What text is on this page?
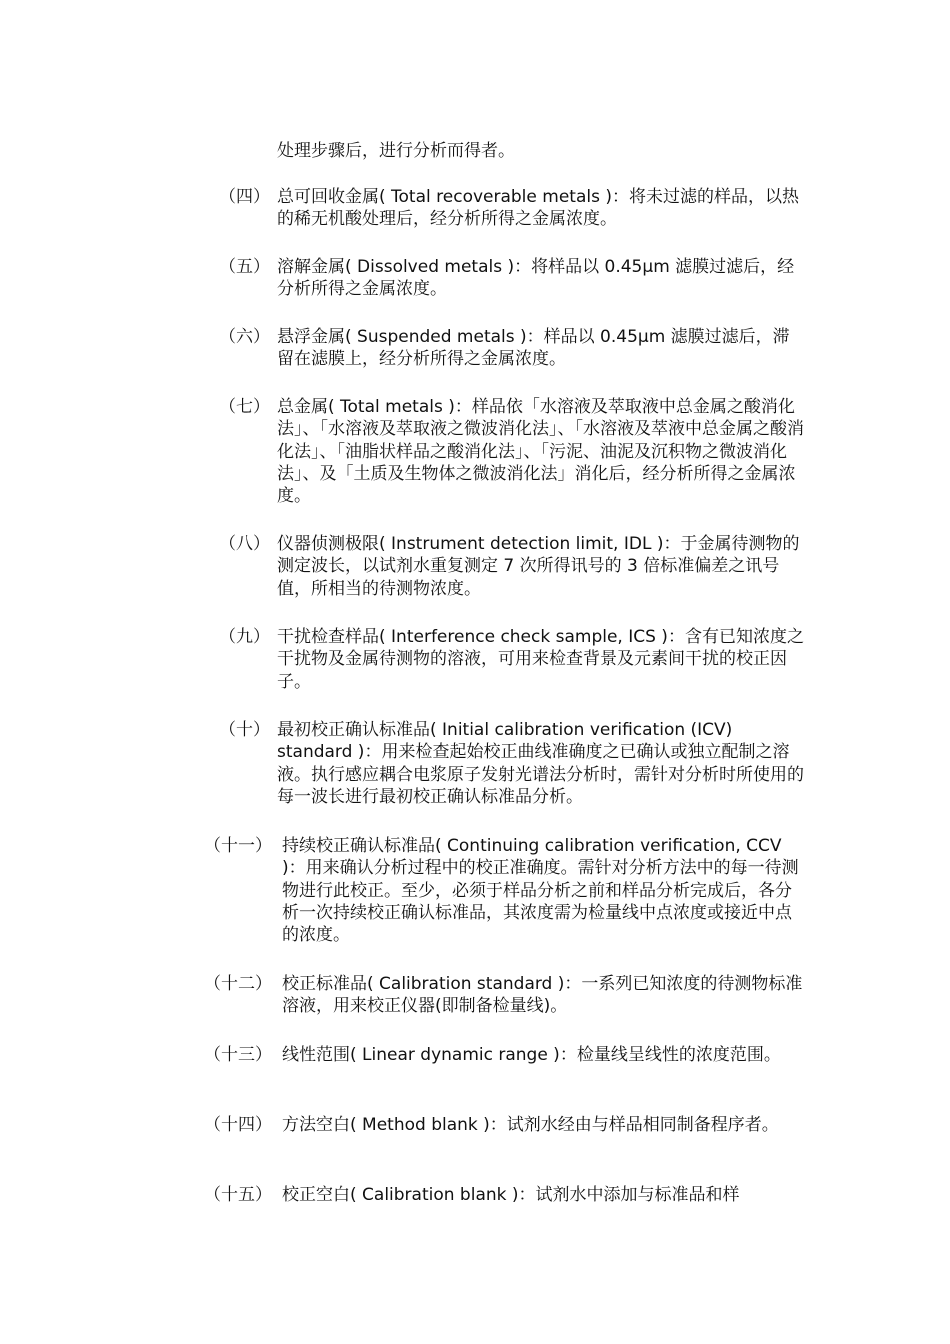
处理步骤后，进行分析而得者。

（四） 总可回收金属( Total recoverable metals )：将未过滤的样品，以热的稀无机酸处理后，经分析所得之金属浓度。

（五） 溶解金属( Dissolved metals )：将样品以 0.45μm 滤膜过滤后，经分析所得之金属浓度。

（六） 悬浮金属( Suspended metals )：样品以 0.45μm 滤膜过滤后，滞留在滤膜上，经分析所得之金属浓度。

（七） 总金属( Total metals )：样品依「水溶液及萃取液中总金属之酸消化法」、「水溶液及萃取液之微波消化法」、「水溶液及萃液中总金属之酸消化法」、「油脂状样品之酸消化法」、「污泥、油泥及沉积物之微波消化法」、及「土质及生物体之微波消化法」消化后，经分析所得之金属浓度。

（八） 仪器侦测极限( Instrument detection limit, IDL )：于金属待测物的测定波长，以试剂水重复测定 7 次所得讯号的 3 倍标准偏差之讯号值，所相当的待测物浓度。

（九） 干扰检查样品( Interference check sample, ICS )：含有已知浓度之干扰物及金属待测物的溶液，可用来检查背景及元素间干扰的校正因子。

（十） 最初校正确认标准品( Initial calibration verification (ICV) standard )：用来检查起始校正曲线准确度之已确认或独立配制之溶液。执行感应耦合电浆原子发射光谱法分析时，需针对分析时所使用的每一波长进行最初校正确认标准品分析。

（十一） 持续校正确认标准品( Continuing calibration verification, CCV )：用来确认分析过程中的校正准确度。需针对分析方法中的每一待测物进行此校正。至少，必须于样品分析之前和样品分析完成后，各分析一次持续校正确认标准品，其浓度需为检量线中点浓度或接近中点的浓度。

（十二） 校正标准品( Calibration standard )：一系列已知浓度的待测物标准溶液，用来校正仪器(即制备检量线)。

（十三） 线性范围( Linear dynamic range )：检量线呈线性的浓度范围。

（十四） 方法空白( Method blank )：试剂水经由与样品相同制备程序者。

（十五） 校正空白( Calibration blank )：试剂水中添加与标准品和样
